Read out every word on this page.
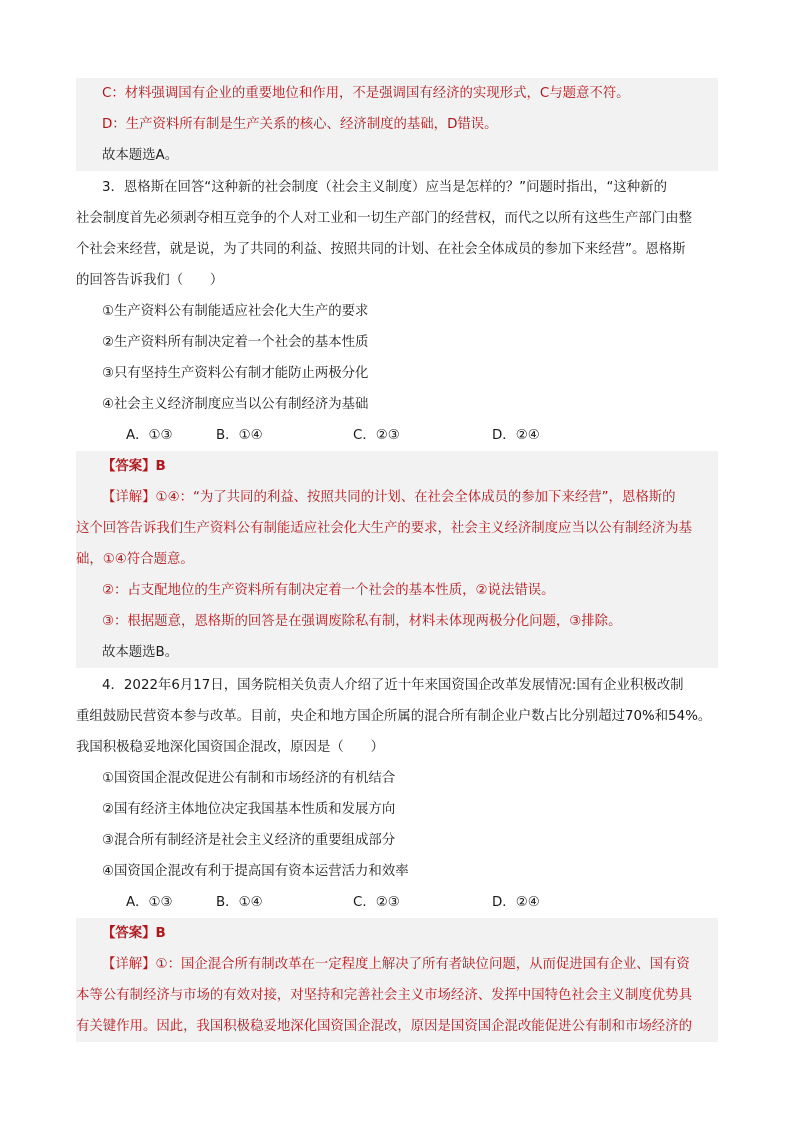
C：材料强调国有企业的重要地位和作用，不是强调国有经济的实现形式，C与题意不符。
D：生产资料所有制是生产关系的核心、经济制度的基础，D错误。
故本题选A。
3．恩格斯在回答“这种新的社会制度（社会主义制度）应当是怎样的？”问题时指出，“这种新的
社会制度首先必须剥夺相互竞争的个人对工业和一切生产部门的经营权，而代之以所有这些生产部门由整
个社会来经营，就是说，为了共同的利益、按照共同的计划、在社会全体成员的参加下来经营”。恩格斯
的回答告诉我们（　　）
①生产资料公有制能适应社会化大生产的要求
②生产资料所有制决定着一个社会的基本性质
③只有坚持生产资料公有制才能防止两极分化
④社会主义经济制度应当以公有制经济为基础
A．①③	B．①④	C．②③	D．②④
【答案】B
【详解】①④：“为了共同的利益、按照共同的计划、在社会全体成员的参加下来经营”，恩格斯的
这个回答告诉我们生产资料公有制能适应社会化大生产的要求，社会主义经济制度应当以公有制经济为基
础，①④符合题意。
②：占支配地位的生产资料所有制决定着一个社会的基本性质，②说法错误。
③：根据题意，恩格斯的回答是在强调废除私有制，材料未体现两极分化问题，③排除。
故本题选B。
4．2022年6月17日，国务院相关负责人介绍了近十年来国资国企改革发展情况:国有企业积极改制
重组鼓励民营资本参与改革。目前，央企和地方国企所属的混合所有制企业户数占比分别超过70%和54%。
我国积极稳妥地深化国资国企混改，原因是（　　）
①国资国企混改促进公有制和市场经济的有机结合
②国有经济主体地位决定我国基本性质和发展方向
③混合所有制经济是社会主义经济的重要组成部分
④国资国企混改有利于提高国有资本运营活力和效率
A．①③	B．①④	C．②③	D．②④
【答案】B
【详解】①：国企混合所有制改革在一定程度上解决了所有者缺位问题，从而促进国有企业、国有资
本等公有制经济与市场的有效对接，对坚持和完善社会主义市场经济、发挥中国特色社会主义制度优势具
有关键作用。因此，我国积极稳妥地深化国资国企混改，原因是国资国企混改能促进公有制和市场经济的
